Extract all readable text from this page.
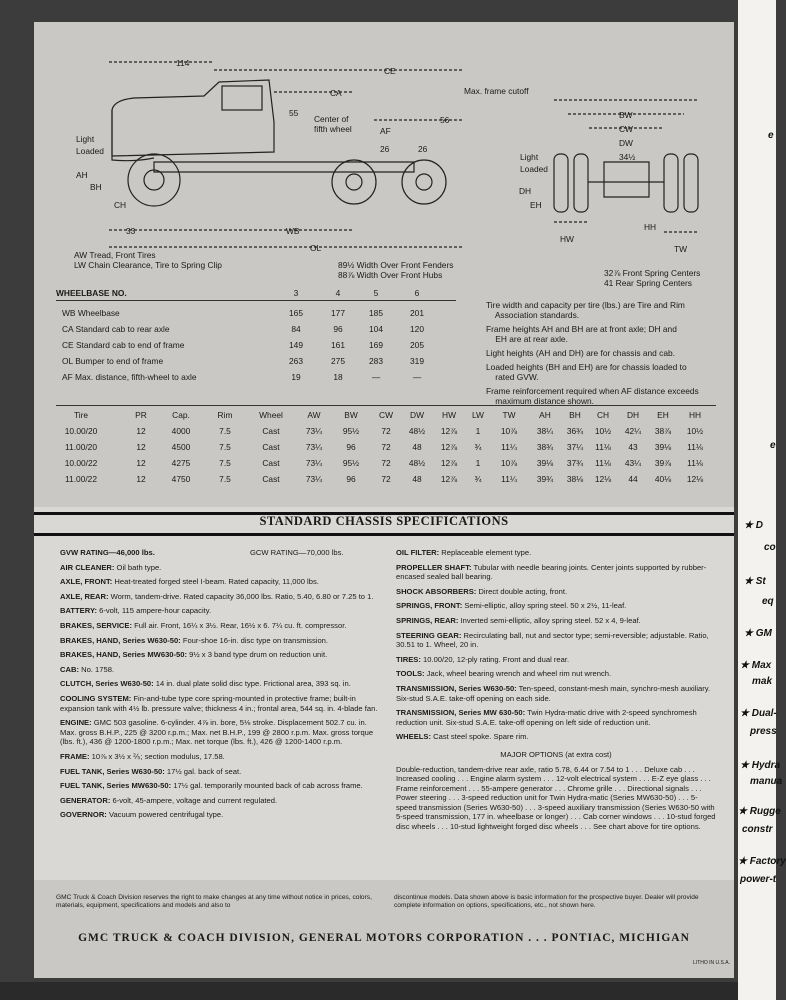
114
CE
CA
55
Max. frame cutoff
Center of
fifth wheel	AF
56
26	26
Light
Loaded
AH
BH
CH
33	WB
OL
Light
Loaded
DH
EH
HW
BW
CW
DW
34½
HH
TW
AW Tread, Front Tires
LW Chain Clearance, Tire to Spring Clip	89½ Width Over Front Fenders
88⅞ Width Over Front Hubs	32⅞ Front Spring Centers
41 Rear Spring Centers
WHEELBASE NO.	3	4	5	6
WB Wheelbase	165	177	185	201
CA Standard cab to rear axle	84	96	104	120
CE Standard cab to end of frame	149	161	169	205
OL Bumper to end of frame	263	275	283	319
AF Max. distance, fifth-wheel to axle	19	18	—	—
Tire width and capacity per tire (lbs.) are Tire and Rim
Association standards.
Frame heights AH and BH are at front axle; DH and
EH are at rear axle.
Light heights (AH and DH) are for chassis and cab.
Loaded heights (BH and EH) are for chassis loaded to
rated GVW.
Frame reinforcement required when AF distance exceeds
maximum distance shown.
Tire	PR	Cap.	Rim	Wheel	AW	BW	CW	DW	HW	LW	TW	AH	BH	CH	DH	EH	HH
10.00/20	12	4000	7.5	Cast	73¼	95½	72	48½	12⅞	1	10⅞	38¼	36¾	10½	42¼	38⅞	10½
11.00/20	12	4500	7.5	Cast	73¼	96	72	48	12⅞	¾	11¼	38¾	37¼	11⅛	43	39⅛	11⅛
10.00/22	12	4275	7.5	Cast	73¼	95½	72	48½	12⅞	1	10⅞	39⅛	37¾	11⅛	43¼	39⅞	11⅛
11.00/22	12	4750	7.5	Cast	73¼	96	72	48	12⅞	¾	11¼	39¾	38⅛	12⅛	44	40⅛	12⅛
STANDARD CHASSIS SPECIFICATIONS

GVW RATING—46,000 lbs.	GCW RATING—70,000 lbs.

AIR CLEANER: Oil bath type.

AXLE, FRONT: Heat-treated forged steel I-beam. Rated capacity, 11,000 lbs.

AXLE, REAR: Worm, tandem-drive. Rated capacity 36,000 lbs. Ratio, 5.40, 6.80 or 7.25 to 1.

BATTERY: 6-volt, 115 ampere-hour capacity.

BRAKES, SERVICE: Full air. Front, 16¼ x 3½. Rear, 16½ x 6. 7¼ cu. ft. compressor.

BRAKES, HAND, Series W630-50: Four-shoe 16-in. disc type on transmission.

BRAKES, HAND, Series MW630-50: 9½ x 3 band type drum on reduction unit.

CAB: No. 1758.

CLUTCH, Series W630-50: 14 in. dual plate solid disc type. Frictional area, 393 sq. in.

COOLING SYSTEM: Fin-and-tube type core spring-mounted in protective frame; built-in expansion tank with 4½ lb. pressure valve; thickness 4 in.; frontal area, 544 sq. in. 4-blade fan.

ENGINE: GMC 503 gasoline. 6-cylinder. 4⅞ in. bore, 5⅛ stroke. Displacement 502.7 cu. in. Max. gross B.H.P., 225 @ 3200 r.p.m.; Max. net B.H.P., 199 @ 2800 r.p.m. Max. gross torque (lbs. ft.), 436 @ 1200-1800 r.p.m.; Max. net torque (lbs. ft.), 426 @ 1200-1400 r.p.m.

FRAME: 10⅞ x 3½ x ⅖; section modulus, 17.58.

FUEL TANK, Series W630-50: 17½ gal. back of seat.

FUEL TANK, Series MW630-50: 17½ gal. temporarily mounted back of cab across frame.

GENERATOR: 6-volt, 45-ampere, voltage and current regulated.

GOVERNOR: Vacuum powered centrifugal type.

OIL FILTER: Replaceable element type.

PROPELLER SHAFT: Tubular with needle bearing joints. Center joints supported by rubber-encased sealed ball bearing.

SHOCK ABSORBERS: Direct double acting, front.

SPRINGS, FRONT: Semi-elliptic, alloy spring steel. 50 x 2½, 11-leaf.

SPRINGS, REAR: Inverted semi-elliptic, alloy spring steel. 52 x 4, 9-leaf.

STEERING GEAR: Recirculating ball, nut and sector type; semi-reversible; adjustable. Ratio, 30.51 to 1. Wheel, 20 in.

TIRES: 10.00/20, 12-ply rating. Front and dual rear.

TOOLS: Jack, wheel bearing wrench and wheel rim nut wrench.

TRANSMISSION, Series W630-50: Ten-speed, constant-mesh main, synchro-mesh auxiliary. Six-stud S.A.E. take-off opening on each side.

TRANSMISSION, Series MW 630-50: Twin Hydra-matic drive with 2-speed synchromesh reduction unit. Six-stud S.A.E. take-off opening on left side of reduction unit.

WHEELS: Cast steel spoke. Spare rim.

MAJOR OPTIONS (at extra cost)

Double-reduction, tandem-drive rear axle, ratio 5.78, 6.44 or 7.54 to 1 . . . Deluxe cab . . . Increased cooling . . . Engine alarm system . . . 12-volt electrical system . . . E-Z eye glass . . . Frame reinforcement . . . 55-ampere generator . . . Chrome grille . . . Directional signals . . . Power steering . . . 3-speed reduction unit for Twin Hydra-matic (Series MW630-50) . . . 5-speed transmission (Series W630-50) . . . 3-speed auxiliary transmission (Series W630-50 with 5-speed transmission, 177 in. wheelbase or longer) . . . Cab corner windows . . . 10-stud forged disc wheels . . . 10-stud lightweight forged disc wheels . . . See chart above for tire options.

GMC Truck & Coach Division reserves the right to make changes at any time without notice in prices, colors, materials, equipment, specifications and models and also to
discontinue models. Data shown above is basic information for the prospective buyer. Dealer will provide complete information on options, specifications, etc., not shown here.
GMC TRUCK & COACH DIVISION, GENERAL MOTORS CORPORATION . . . PONTIAC, MICHIGAN
LITHO IN U.S.A.
e
e
★ D
co
★ St
eq
★ GM
★ Max
mak
★ Dual-
press
★ Hydra
manua
★ Rugge
constr
★ Factory
power-t
